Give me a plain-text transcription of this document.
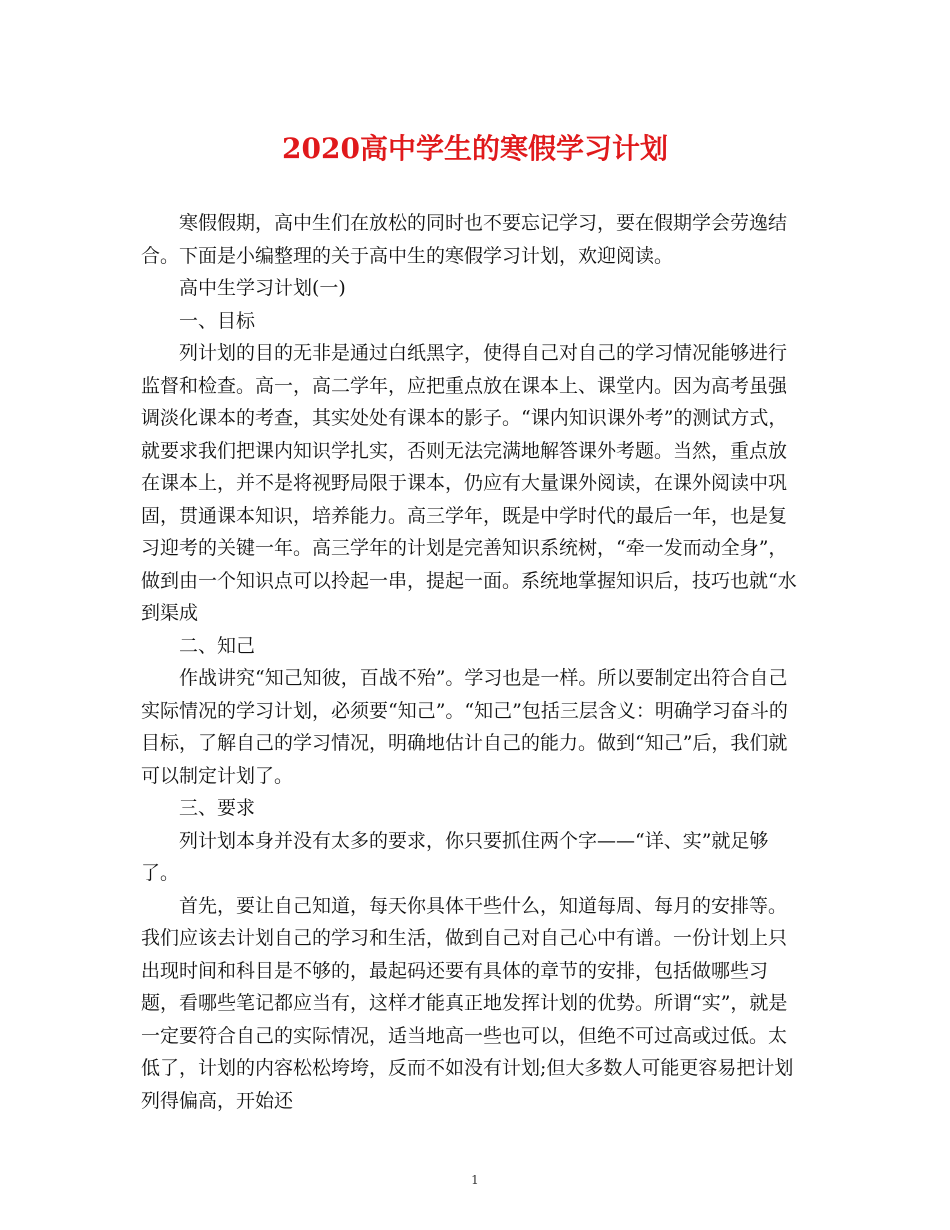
2020高中学生的寒假学习计划

寒假假期，高中生们在放松的同时也不要忘记学习，要在假期学会劳逸结合。下面是小编整理的关于高中生的寒假学习计划，欢迎阅读。

高中生学习计划(一)

一、目标

列计划的目的无非是通过白纸黑字，使得自己对自己的学习情况能够进行监督和检查。高一，高二学年，应把重点放在课本上、课堂内。因为高考虽强调淡化课本的考查，其实处处有课本的影子。“课内知识课外考”的测试方式，就要求我们把课内知识学扎实，否则无法完满地解答课外考题。当然，重点放在课本上，并不是将视野局限于课本，仍应有大量课外阅读，在课外阅读中巩固，贯通课本知识，培养能力。高三学年，既是中学时代的最后一年，也是复习迎考的关键一年。高三学年的计划是完善知识系统树，“牵一发而动全身”，做到由一个知识点可以拎起一串，提起一面。系统地掌握知识后，技巧也就“水到渠成

二、知己

作战讲究“知己知彼，百战不殆”。学习也是一样。所以要制定出符合自己实际情况的学习计划，必须要“知己”。“知己”包括三层含义：明确学习奋斗的目标，了解自己的学习情况，明确地估计自己的能力。做到“知己”后，我们就可以制定计划了。

三、要求

列计划本身并没有太多的要求，你只要抓住两个字——“详、实”就足够了。

首先，要让自己知道，每天你具体干些什么，知道每周、每月的安排等。我们应该去计划自己的学习和生活，做到自己对自己心中有谱。一份计划上只出现时间和科目是不够的，最起码还要有具体的章节的安排，包括做哪些习题，看哪些笔记都应当有，这样才能真正地发挥计划的优势。所谓“实”，就是一定要符合自己的实际情况，适当地高一些也可以，但绝不可过高或过低。太低了，计划的内容松松垮垮，反而不如没有计划;但大多数人可能更容易把计划列得偏高，开始还

1
